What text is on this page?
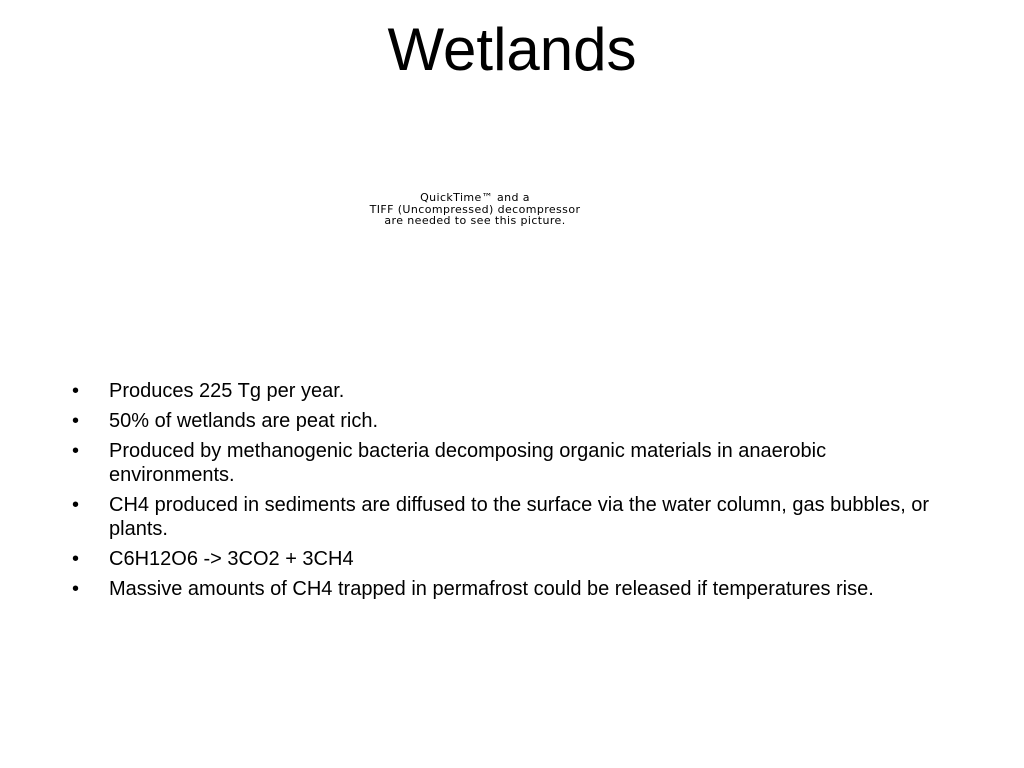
Wetlands
QuickTime™ and a
TIFF (Uncompressed) decompressor
are needed to see this picture.
• Produces 225 Tg per year.
• 50% of wetlands are peat rich.
• Produced by methanogenic bacteria decomposing organic materials in anaerobic environments.
• CH4 produced in sediments are diffused to the surface via the water column, gas bubbles, or plants.
• C6H12O6 -> 3CO2 + 3CH4
• Massive amounts of CH4 trapped in permafrost could be released if temperatures rise.
